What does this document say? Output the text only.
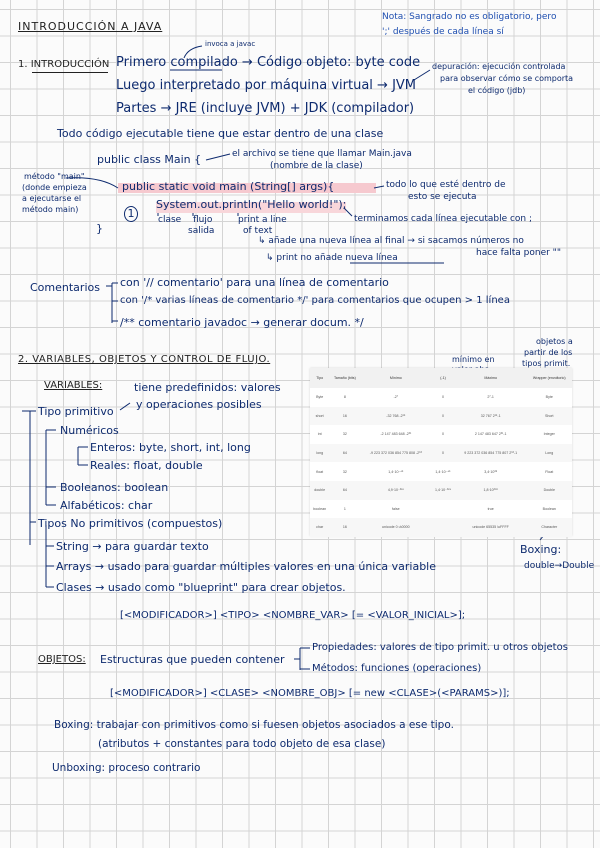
INTRODUCCIÓN A JAVA
Nota: Sangrado no es obligatorio, pero
';' después de cada línea sí
1. INTRODUCCIÓN
invoca a javac
Primero compilado → Código objeto: byte code
Luego interpretado por máquina virtual → JVM
Partes → JRE (incluye JVM) + JDK (compilador)
depuración: ejecución controlada
para observar cómo se comporta
el código (jdb)
Todo código ejecutable tiene que estar dentro de una clase
public class Main {	el archivo se tiene que llamar Main.java
(nombre de la clase)
método "main"
(donde empieza
a ejecutarse el
método main)
public static void main (String[] args){	todo lo que esté dentro de
esto se ejecuta
1
System.out.println("Hello world!");
terminamos cada línea ejecutable con ;
clase flujo
salida
print a line
of text
↳ añade una nueva línea al final → si sacamos números no
hace falta poner ""
↳ print no añade nueva línea
}
Comentarios con '// comentario' para una línea de comentario
con '/* varias líneas de comentario */' para comentarios que ocupen > 1 línea
/** comentario javadoc → generar docum. */
2. VARIABLES, OBJETOS Y CONTROL DE FLUJO.	mínimo en
objetos a
partir de los
tipos primit.
VARIABLES:	tiene predefinidos: valores
y operaciones posibles
Tipo primitivo
Numéricos
Enteros: byte, short, int, long
Reales: float, double
Booleanos: boolean
Alfabéticos: char
Tipos No primitivos (compuestos)
String → para guardar texto
Arrays → usado para guardar múltiples valores en una única variable
Clases → usado como "blueprint" para crear objetos.
Boxing:
double→Double
[<MODIFICADOR>] <TIPO> <NOMBRE_VAR> [= <VALOR_INICIAL>];
OBJETOS: Estructuras que pueden contener
Propiedades: valores de tipo primit. u otros objetos
Métodos: funciones (operaciones)
[<MODIFICADOR>] <CLASE> <NOMBRE_OBJ> [= new <CLASE>(<PARAMS>)];
Boxing: trabajar con primitivos como si fuesen objetos asociados a ese tipo.
(atributos + constantes para todo objeto de esa clase)
Unboxing: proceso contrario
Tipo	Tamaño (bits)	Mínimo	(-1)	Máximo	Wrapper (envoltorio)
Byte	8	-2⁷	0	2⁷-1	Byte
short	16	-32 768 -2¹⁵	0	32 767 2¹⁵-1	Short
int	32	-2 147 483 648 -2³¹	0	2 147 483 647 2³¹-1	Integer
long	64	-9 223 372 036 854 775 808 -2⁶³	0	9 223 372 036 854 775 807 2⁶³-1	Long
float	32	1,4·10⁻⁴⁵	1,4·10⁻⁴⁵	3,4·10³⁸	Float
double	64	4,9·10⁻³²⁴	1,4·10⁻³²⁴	1,8·10³⁰⁸	Double
boolean	1	false		true	Boolean
char	16	unicode 0 u\0000		unicode 65535 \uFFFF	Character
